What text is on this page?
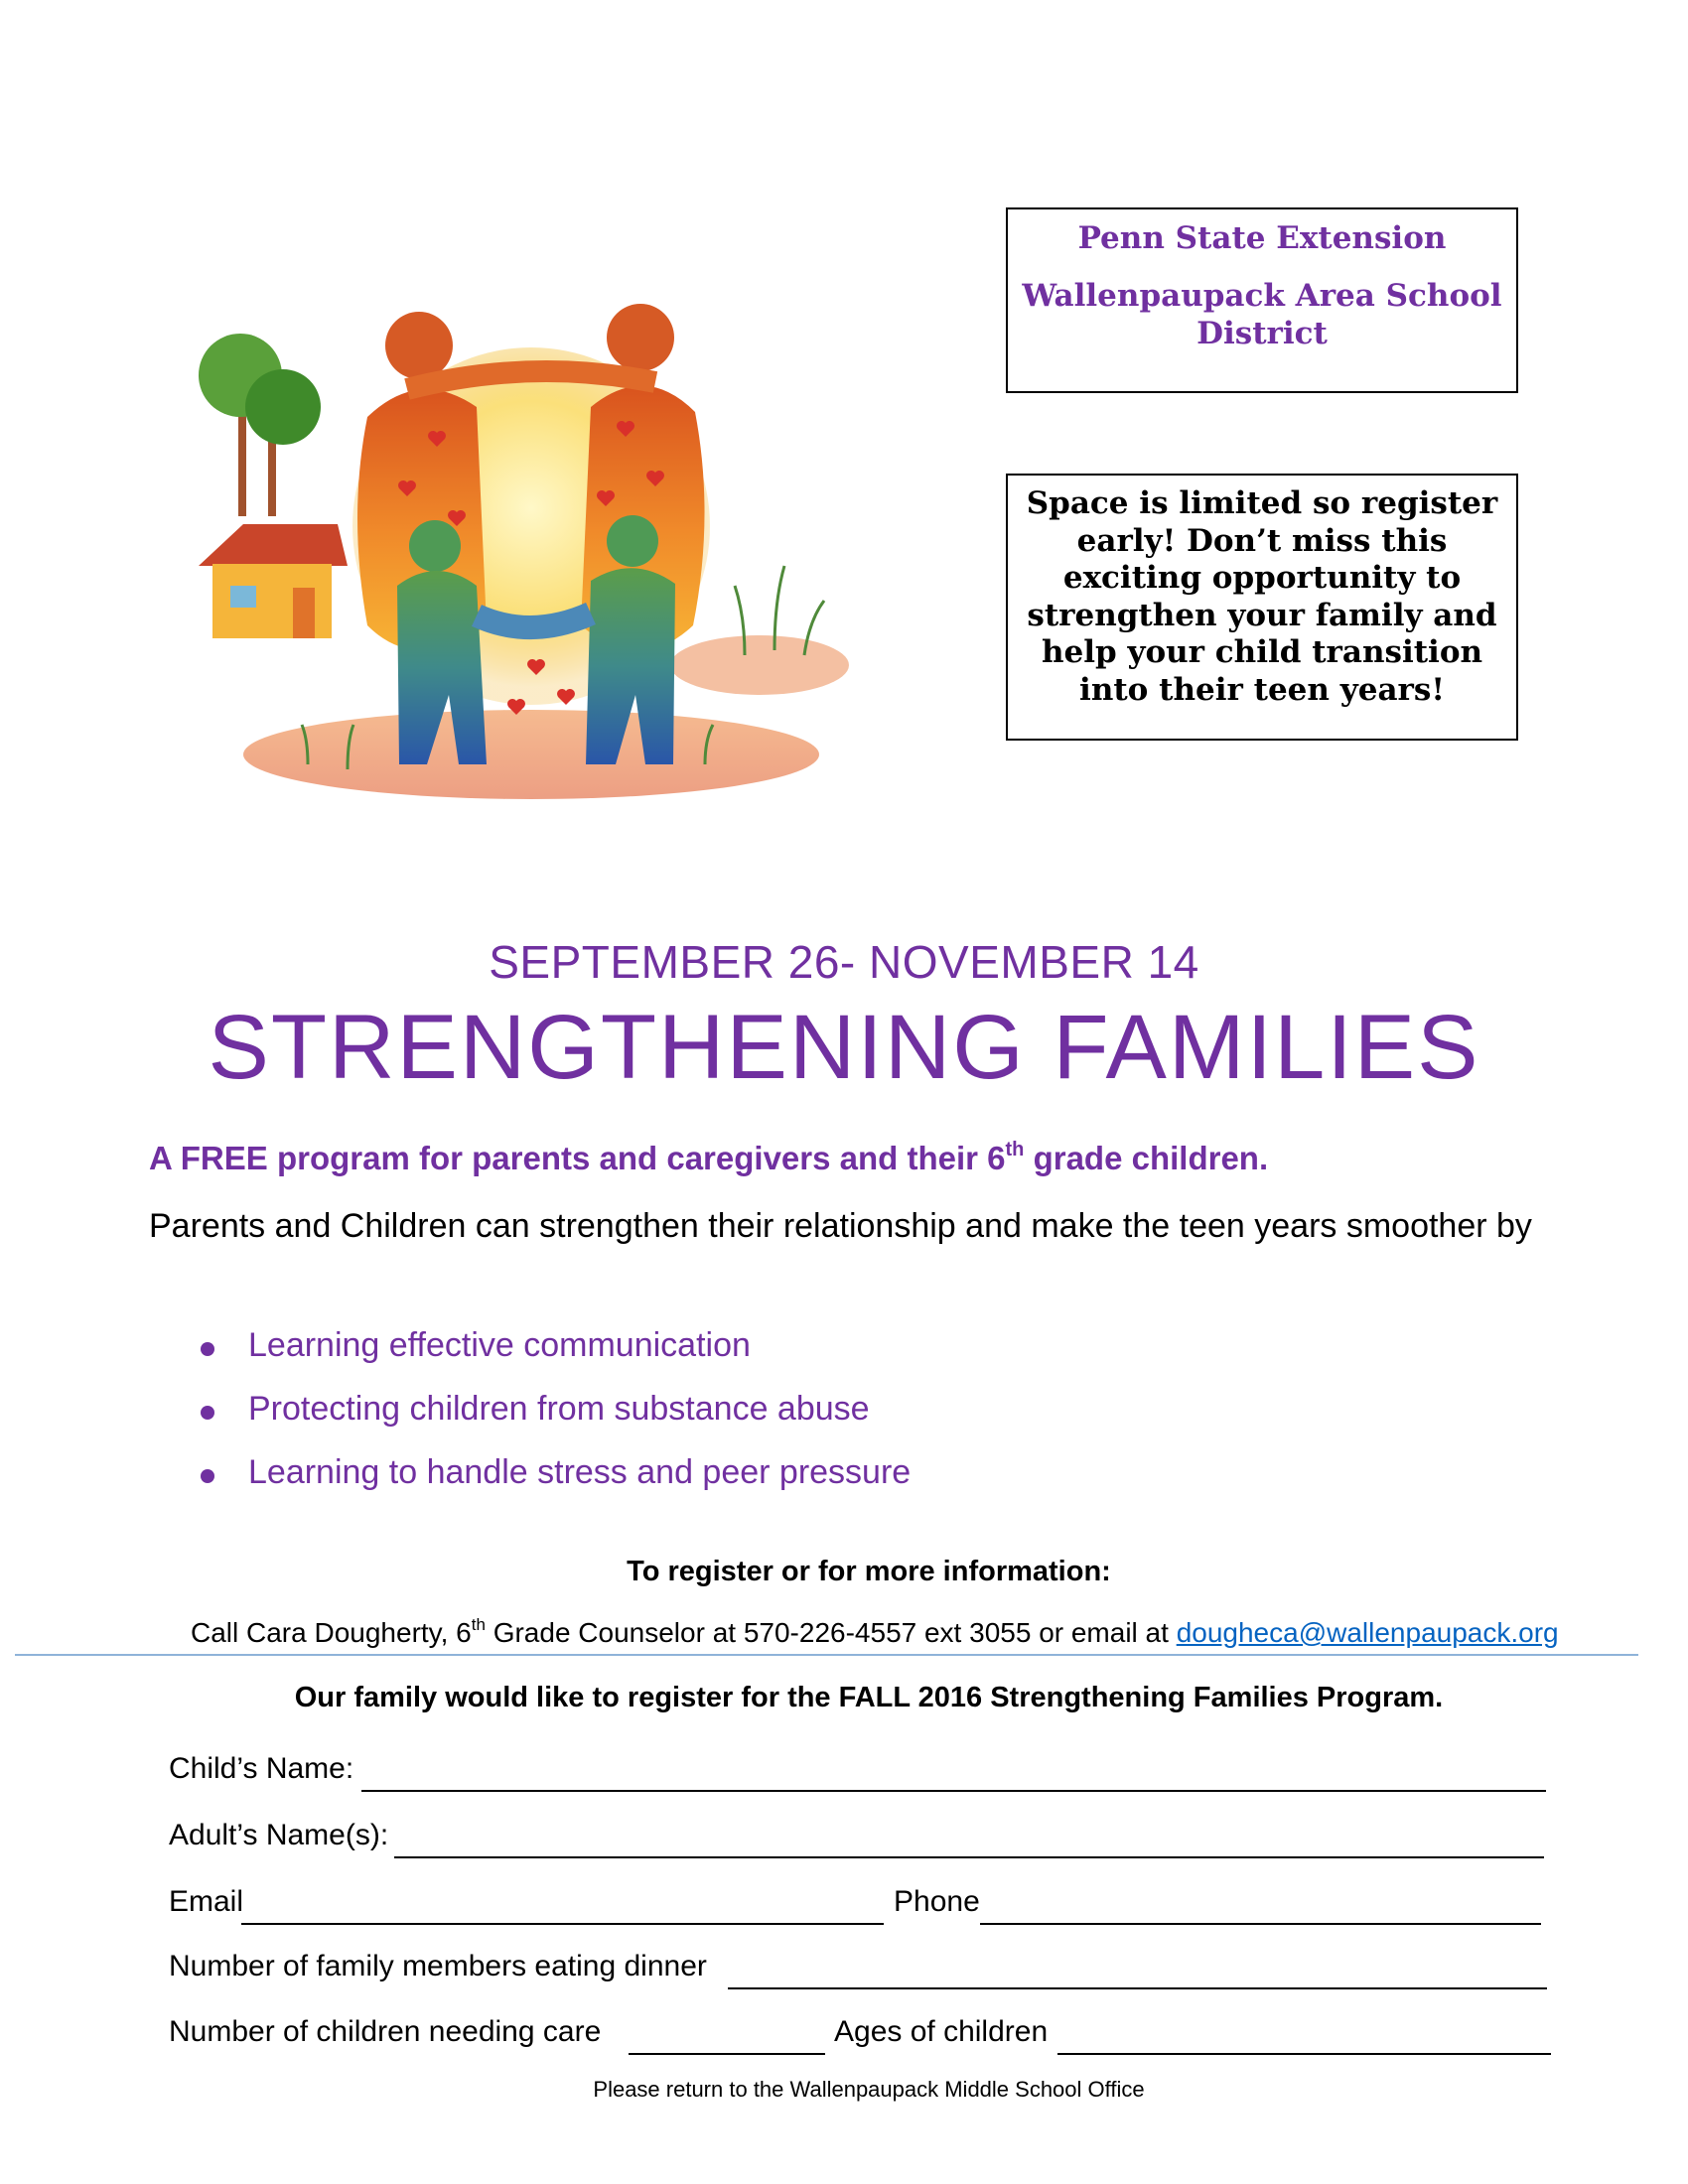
Penn State Extension

Wallenpaupack Area School District

Space is limited so register early! Don’t miss this exciting opportunity to strengthen your family and help your child transition into their teen years!
SEPTEMBER 26- NOVEMBER 14
STRENGTHENING FAMILIES
A FREE program for parents and caregivers and their 6th grade children.
Parents and Children can strengthen their relationship and make the teen years smoother by
Learning effective communication
Protecting children from substance abuse
Learning to handle stress and peer pressure
To register or for more information:
Call Cara Dougherty, 6th Grade Counselor at 570-226-4557 ext 3055 or email at dougheca@wallenpaupack.org
Our family would like to register for the FALL 2016 Strengthening Families Program.
Child’s Name:
Adult’s Name(s):
Email	Phone
Number of family members eating dinner
Number of children needing care	Ages of children
Please return to the Wallenpaupack Middle School Office
